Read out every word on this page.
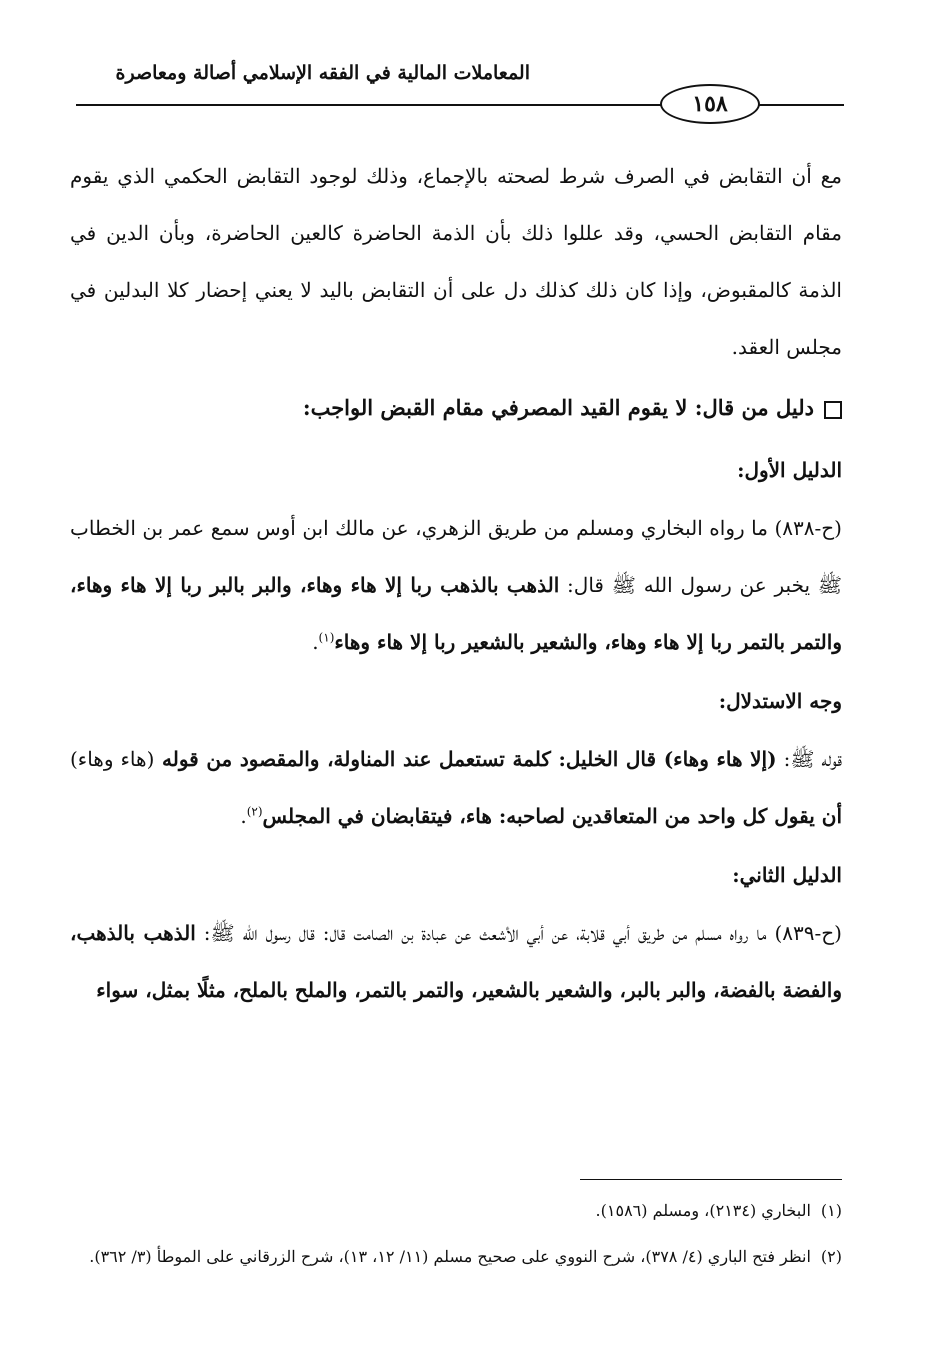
المعاملات المالية في الفقه الإسلامي أصالة ومعاصرة
١٥٨

مع أن التقابض في الصرف شرط لصحته بالإجماع، وذلك لوجود التقابض الحكمي الذي يقوم مقام التقابض الحسي، وقد عللوا ذلك بأن الذمة الحاضرة كالعين الحاضرة، وبأن الدين في الذمة كالمقبوض، وإذا كان ذلك كذلك دل على أن التقابض باليد لا يعني إحضار كلا البدلين في مجلس العقد.

دليل من قال: لا يقوم القيد المصرفي مقام القبض الواجب:
الدليل الأول:

(ح-٨٣٨) ما رواه البخاري ومسلم من طريق الزهري، عن مالك ابن أوس سمع عمر بن الخطاب ﷺ يخبر عن رسول الله ﷺ قال: الذهب بالذهب ربا إلا هاء وهاء، والبر بالبر ربا إلا هاء وهاء، والتمر بالتمر ربا إلا هاء وهاء، والشعير بالشعير ربا إلا هاء وهاء$^{(١)}$.

وجه الاستدلال:

قوله ﷺ: (إلا هاء وهاء) قال الخليل: كلمة تستعمل عند المناولة، والمقصود من قوله (هاء وهاء) أن يقول كل واحد من المتعاقدين لصاحبه: هاء، فيتقابضان في المجلس$^{(٢)}$.

الدليل الثاني:

(ح-٨٣٩) ما رواه مسلم من طريق أبي قلابة، عن أبي الأشعث عن عبادة بن الصامت قال: قال رسول الله ﷺ: الذهب بالذهب، والفضة بالفضة، والبر بالبر، والشعير بالشعير، والتمر بالتمر، والملح بالملح، مثلًا بمثل، سواء

(١)البخاري (٢١٣٤)، ومسلم (١٥٨٦).

(٢)انظر فتح الباري (٤/ ٣٧٨)، شرح النووي على صحيح مسلم (١١/ ١٢، ١٣)، شرح الزرقاني على الموطأ (٣/ ٣٦٢).
